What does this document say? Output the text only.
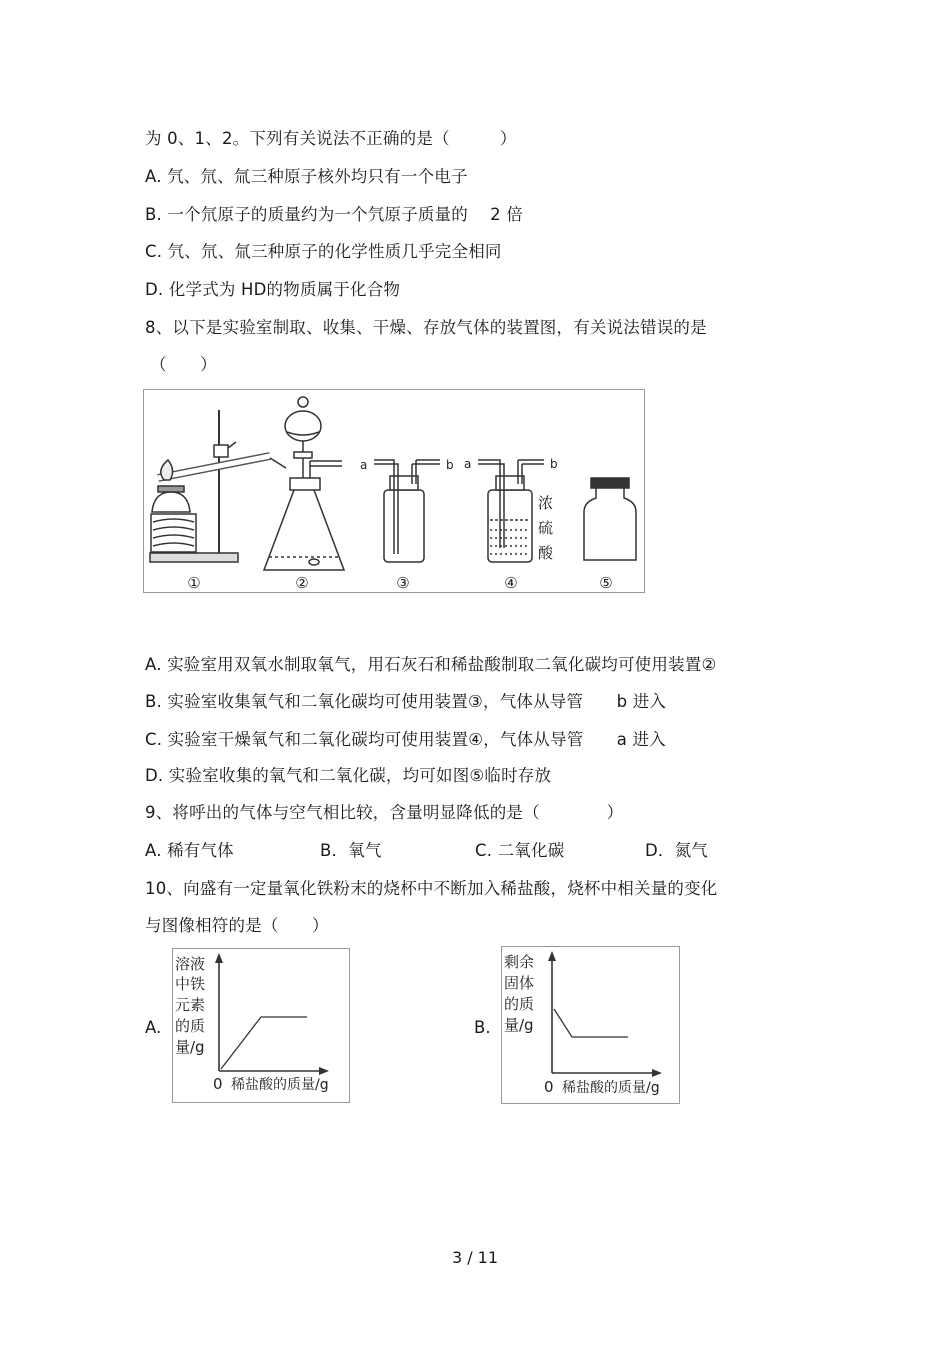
为 0、1、2。下列有关说法不正确的是（　　　）
A. 氕、氘、氚三种原子核外均只有一个电子
B. 一个氘原子的质量约为一个氕原子质量的　 2 倍
C. 氕、氘、氚三种原子的化学性质几乎完全相同
D. 化学式为 HD的物质属于化合物
8、以下是实验室制取、收集、干燥、存放气体的装置图，有关说法错误的是
（　　）
a	b a	b
浓
硫
酸
①	②	③	④	⑤
A. 实验室用双氧水制取氧气，用石灰石和稀盐酸制取二氧化碳均可使用装置②
B. 实验室收集氧气和二氧化碳均可使用装置③，气体从导管　　b 进入
C. 实验室干燥氧气和二氧化碳均可使用装置④，气体从导管　　a 进入
D. 实验室收集的氧气和二氧化碳，均可如图⑤临时存放
9、将呼出的气体与空气相比较，含量明显降低的是（　　　　）
A. 稀有气体	B．氧气	C. 二氧化碳	D．氮气
10、向盛有一定量氧化铁粉末的烧杯中不断加入稀盐酸，烧杯中相关量的变化
与图像相符的是（　　）
A.
溶液
中铁
元素
的质
量/g
0 稀盐酸的质量/g
B.
剩余
固体
的质
量/g
0 稀盐酸的质量/g
3 / 11
